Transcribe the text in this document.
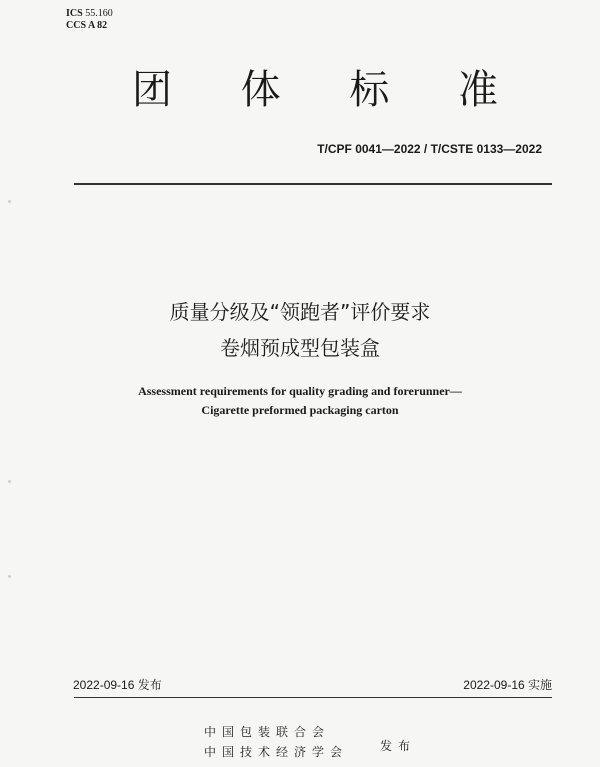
ICS 55.160
CCS A 82
团 体 标 准
T/CPF 0041—2022 / T/CSTE 0133—2022
质量分级及“领跑者”评价要求
卷烟预成型包装盒
Assessment requirements for quality grading and forerunner—
Cigarette preformed packaging carton
2022-09-16 发布	2022-09-16 实施
中国包装联合会
中国技术经济学会	发布
